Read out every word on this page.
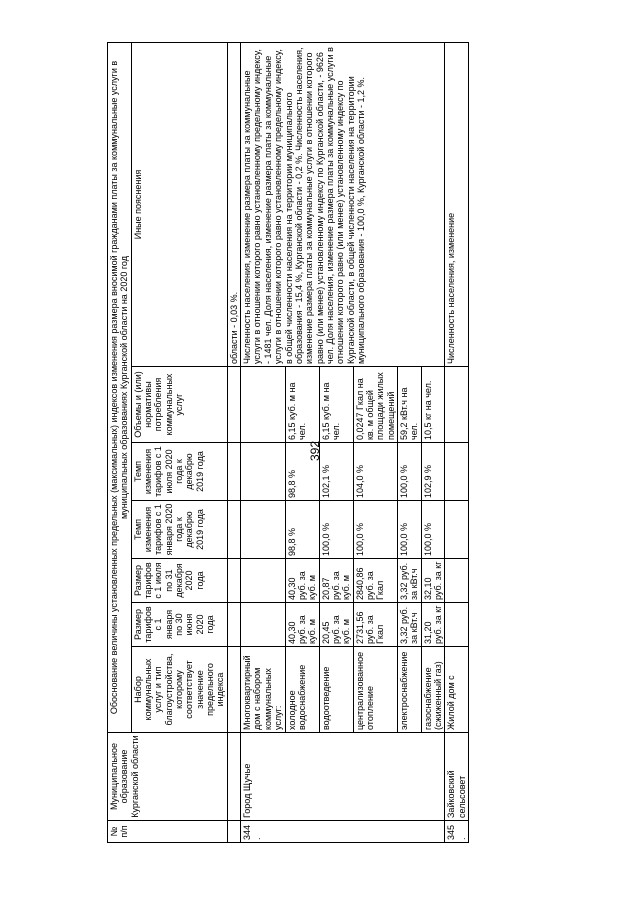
392
№ п/п	Муниципальное образование Курганской области	Обоснование величины установленных предельных (максимальных) индексов изменения размера вносимой гражданами платы за коммунальные услуги в муниципальных образованиях Курганской области на 2020 год						
		Набор коммунальных услуг и тип благоустройства, которому соответствует значение предельного индекса	Размер тарифов с 1 января по 30 июня 2020 года	Размер тарифов с 1 июля по 31 декабря 2020 года	Темп изменения тарифов с 1 января 2020 года к декабрю 2019 года	Темп изменения тарифов с 1 июля 2020 года к декабрю 2019 года	Объемы и (или) нормативы потребления коммунальных услуг	Иные пояснения
								области - 0,03 %.
344.	Город Щучье	Многоквартирный дом с набором коммунальных услуг:						Численность населения, изменение размера платы за коммунальные услуги в отношении которого равно установленному предельному индексу, - 1481 чел. Доля населения, изменение размера платы за коммунальные услуги в отношении которого равно установленному предельному индексу, в общей численности населения на территории муниципального образования - 15,4 %, Курганской области - 0,2 %. Численность населения, изменение размера платы за коммунальные услуги в отношении которого равно (или менее) установленному индексу по Курганской области, - 9626 чел. Доля населения, изменение размера платы за коммунальные услуги в отношении которого равно (или менее) установленному индексу по Курганской области, в общей численности населения на территории муниципального образования - 100,0 %, Курганской области - 1,2 %.
		холодное водоснабжение	40,30 руб. за куб. м	40,30 руб. за куб. м	98,8 %	98,8 %	6,15 куб. м на чел.	
		водоотведение	20,45 руб. за куб. м	20,87 руб. за куб. м	100,0 %	102,1 %	6,15 куб. м на чел.	
		централизованное отопление	2731,56 руб. за Гкал	2840,86 руб. за Гкал	100,0 %	104,0 %	0,0247 Гкал на кв. м общей площади жилых помещений	
		электроснабжение	3,32 руб. за кВт.ч	3,32 руб. за кВт.ч	100,0 %	100,0 %	59,2 кВт.ч на чел.	
		газоснабжение (сжиженный газ)	31,20 руб. за кг	32,10 руб. за кг	100,0 %	102,9 %	10,5 кг на чел.	
345.	Зайковский сельсовет	Жилой дом с						Численность населения, изменение
